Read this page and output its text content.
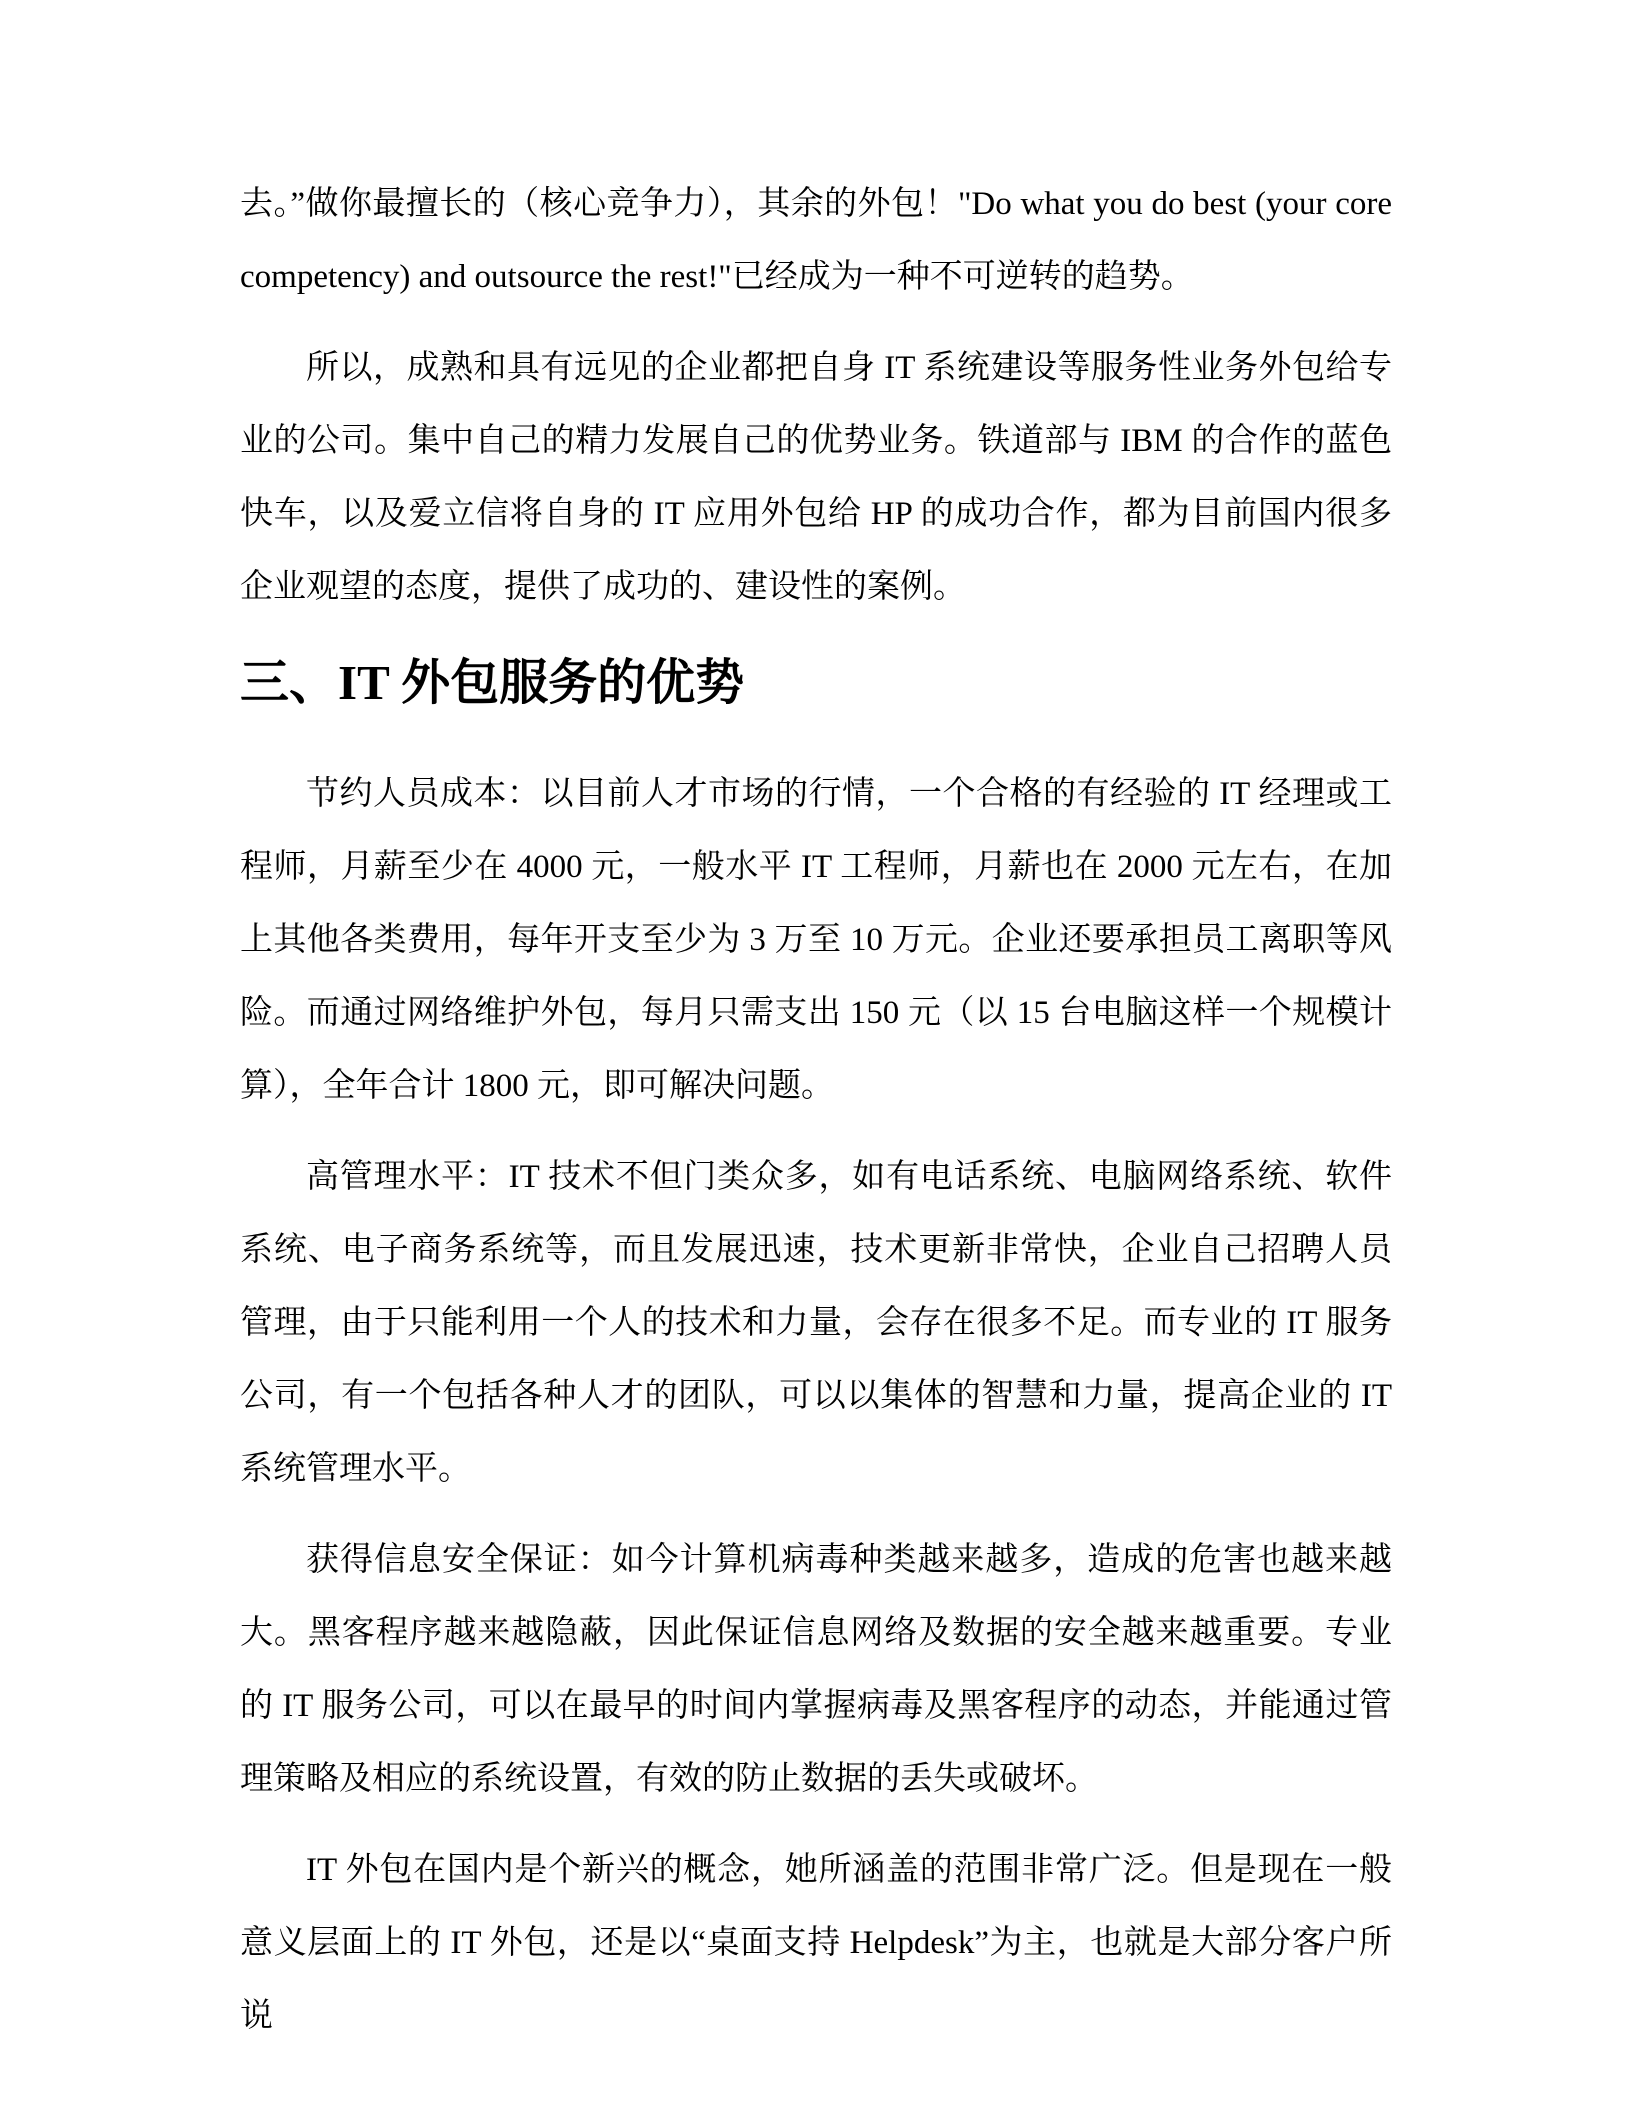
去。”做你最擅长的（核心竞争力），其余的外包！"Do what you do best (your core competency) and outsource the rest!"已经成为一种不可逆转的趋势。

所以，成熟和具有远见的企业都把自身 IT 系统建设等服务性业务外包给专业的公司。集中自己的精力发展自己的优势业务。铁道部与 IBM 的合作的蓝色快车，以及爱立信将自身的 IT 应用外包给 HP 的成功合作，都为目前国内很多企业观望的态度，提供了成功的、建设性的案例。

三、IT 外包服务的优势

节约人员成本：以目前人才市场的行情，一个合格的有经验的 IT 经理或工程师，月薪至少在 4000 元，一般水平 IT 工程师，月薪也在 2000 元左右，在加上其他各类费用，每年开支至少为 3 万至 10 万元。企业还要承担员工离职等风险。而通过网络维护外包，每月只需支出 150 元（以 15 台电脑这样一个规模计算），全年合计 1800 元，即可解决问题。

高管理水平：IT 技术不但门类众多，如有电话系统、电脑网络系统、软件系统、电子商务系统等，而且发展迅速，技术更新非常快，企业自己招聘人员管理，由于只能利用一个人的技术和力量，会存在很多不足。而专业的 IT 服务公司，有一个包括各种人才的团队，可以以集体的智慧和力量，提高企业的 IT 系统管理水平。

获得信息安全保证：如今计算机病毒种类越来越多，造成的危害也越来越大。黑客程序越来越隐蔽，因此保证信息网络及数据的安全越来越重要。专业的 IT 服务公司，可以在最早的时间内掌握病毒及黑客程序的动态，并能通过管理策略及相应的系统设置，有效的防止数据的丢失或破坏。

IT 外包在国内是个新兴的概念，她所涵盖的范围非常广泛。但是现在一般意义层面上的 IT 外包，还是以“桌面支持 Helpdesk”为主，也就是大部分客户所说
